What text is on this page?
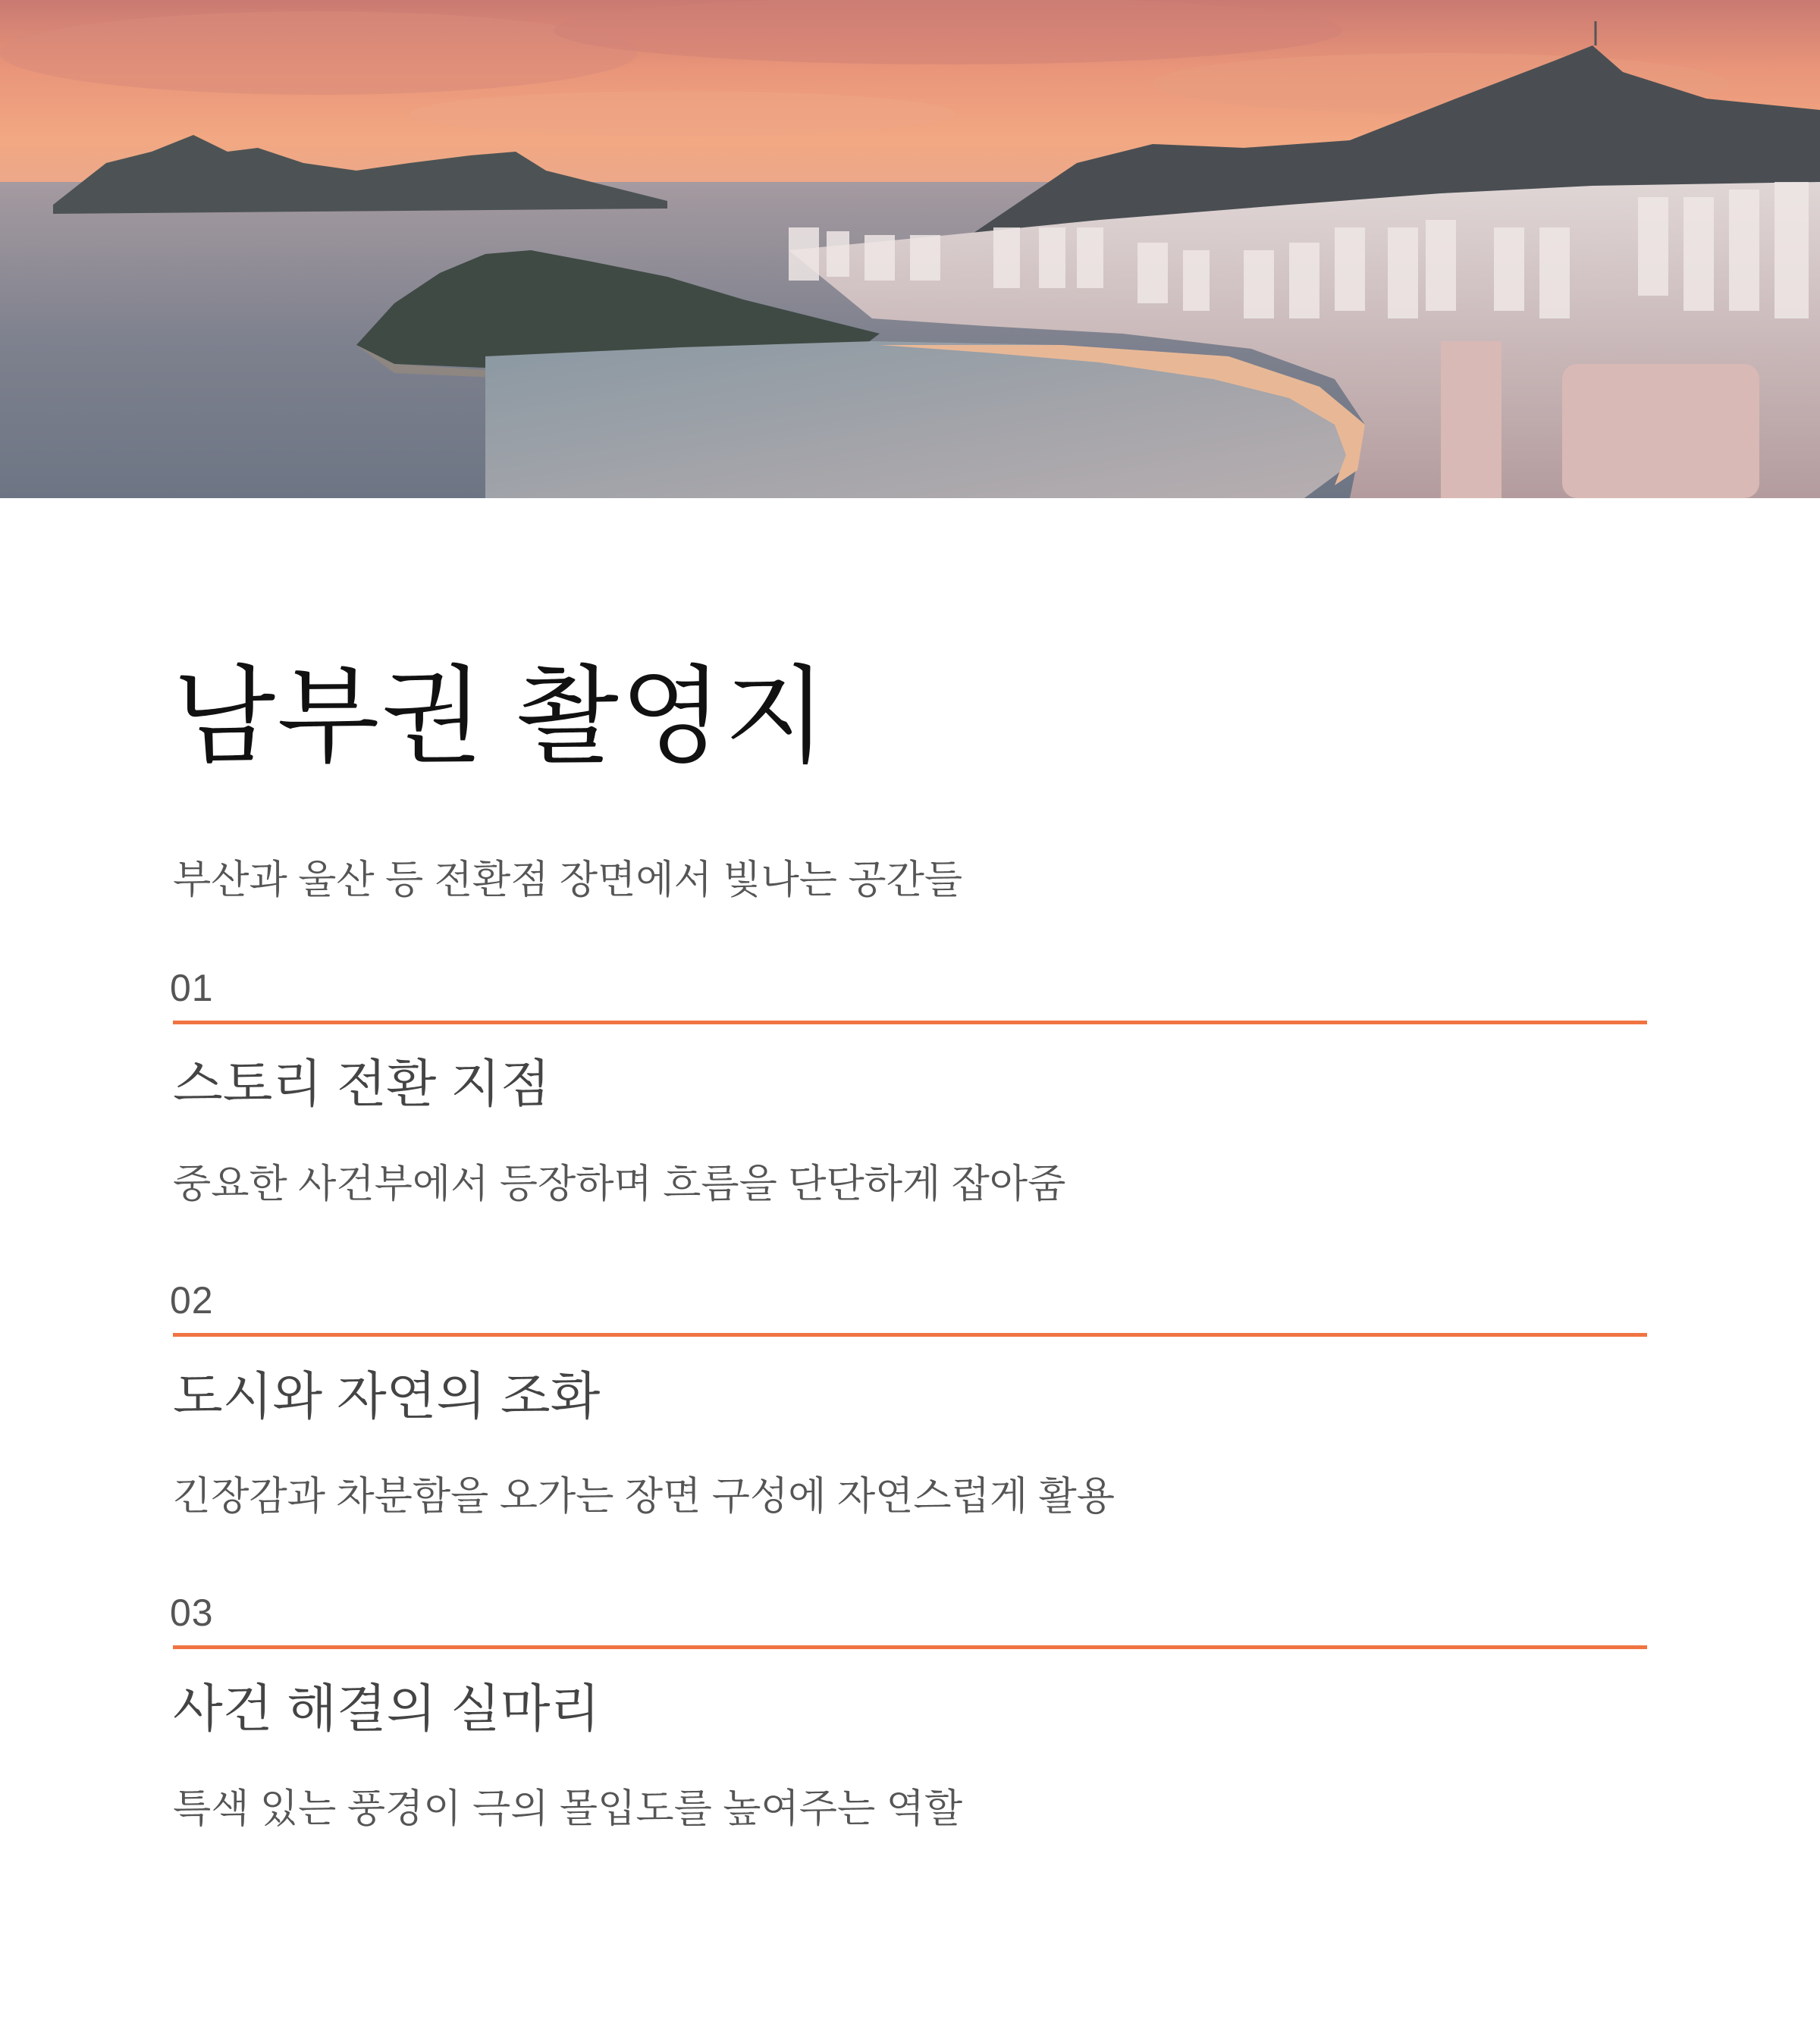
남부권 촬영지

부산과 울산 등 전환점 장면에서 빛나는 공간들

01
스토리 전환 지점

중요한 사건부에서 등장하며 흐름을 단단하게 잡아줌

02
도시와 자연의 조화

긴장감과 차분함을 오가는 장면 구성에 자연스럽게 활용

03
사건 해결의 실마리

특색 있는 풍경이 극의 몰입도를 높여주는 역할
